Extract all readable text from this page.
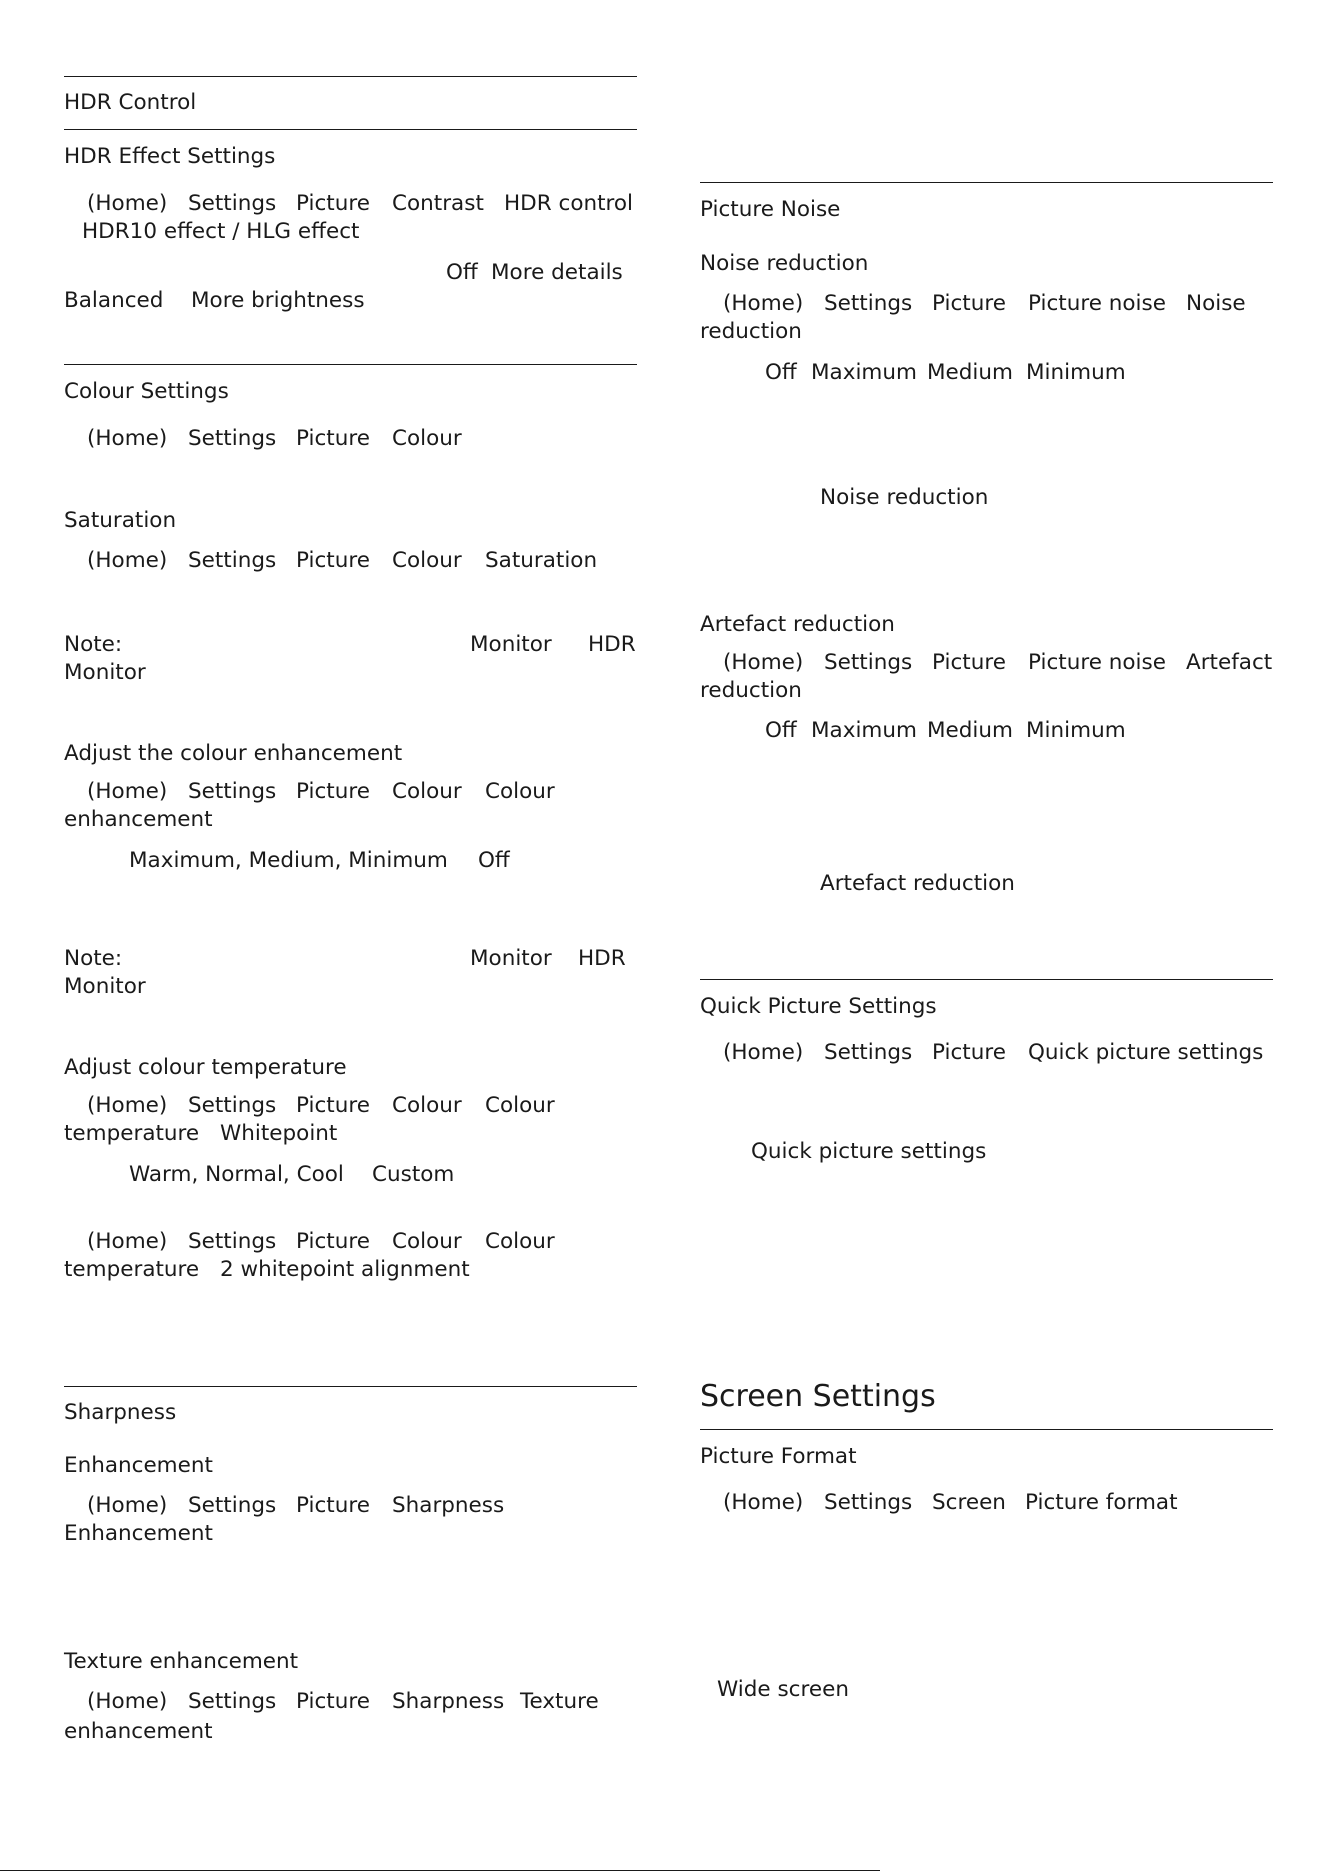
HDR Control
HDR Effect Settings
(Home) Settings Picture Contrast HDR control
HDR10 effect / HLG effect
Off More details
Balanced More brightness
Colour Settings
(Home) Settings Picture Colour
Saturation
(Home) Settings Picture Colour Saturation
Note:	Monitor HDR
Monitor
Adjust the colour enhancement
(Home) Settings Picture Colour Colour
enhancement
Maximum, Medium, Minimum Off
Note:	Monitor HDR
Monitor
Adjust colour temperature
(Home) Settings Picture Colour Colour
temperature Whitepoint
Warm, Normal, Cool Custom
(Home) Settings Picture Colour Colour
temperature 2 whitepoint alignment
Sharpness
Enhancement
(Home) Settings Picture Sharpness
Enhancement
Texture enhancement
(Home) Settings Picture Sharpness Texture
enhancement
Picture Noise
Noise reduction
(Home) Settings Picture Picture noise Noise
reduction
Off Maximum Medium Minimum
Noise reduction
Artefact reduction
(Home) Settings Picture Picture noise Artefact
reduction
Off Maximum Medium Minimum
Artefact reduction
Quick Picture Settings
(Home) Settings Picture Quick picture settings
Quick picture settings
Screen Settings
Picture Format
(Home) Settings Screen Picture format
Wide screen
